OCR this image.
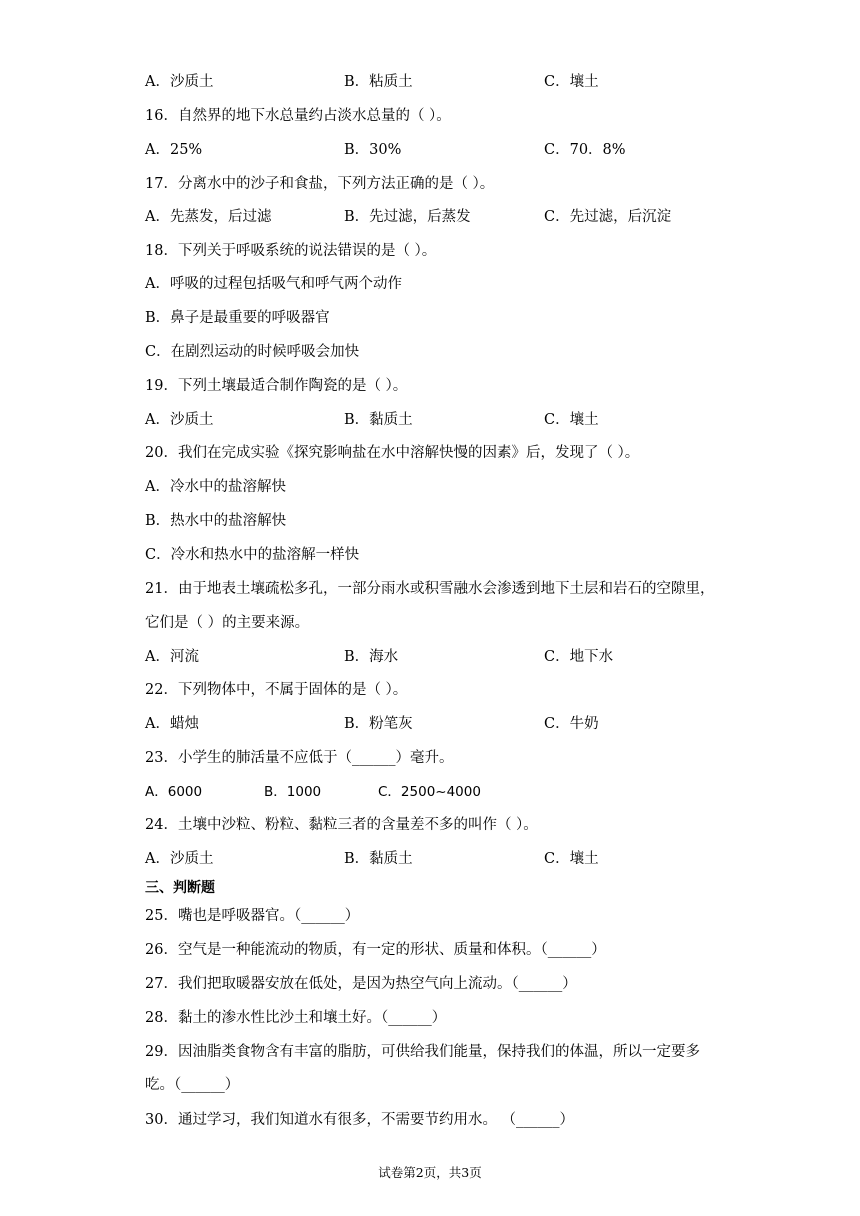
A．沙质土	B．粘质土	C．壤土
16．自然界的地下水总量约占淡水总量的（ ）。
A．25%	B．30%	C．70．8%
17．分离水中的沙子和食盐，下列方法正确的是（ ）。
A．先蒸发，后过滤	B．先过滤，后蒸发	C．先过滤，后沉淀
18．下列关于呼吸系统的说法错误的是（ ）。
A．呼吸的过程包括吸气和呼气两个动作
B．鼻子是最重要的呼吸器官
C．在剧烈运动的时候呼吸会加快
19．下列土壤最适合制作陶瓷的是（ ）。
A．沙质土	B．黏质土	C．壤土
20．我们在完成实验《探究影响盐在水中溶解快慢的因素》后，发现了（ ）。
A．冷水中的盐溶解快
B．热水中的盐溶解快
C．冷水和热水中的盐溶解一样快
21．由于地表土壤疏松多孔，一部分雨水或积雪融水会渗透到地下土层和岩石的空隙里，
它们是（ ）的主要来源。
A．河流	B．海水	C．地下水
22．下列物体中，不属于固体的是（ ）。
A．蜡烛	B．粉笔灰	C．牛奶
23．小学生的肺活量不应低于（______）毫升。
A．6000	B．1000	C．2500~4000
24．土壤中沙粒、粉粒、黏粒三者的含量差不多的叫作（ ）。
A．沙质土	B．黏质土	C．壤土
三、判断题
25．嘴也是呼吸器官。（______）
26．空气是一种能流动的物质，有一定的形状、质量和体积。（______）
27．我们把取暖器安放在低处，是因为热空气向上流动。（______）
28．黏土的渗水性比沙土和壤土好。（______）
29．因油脂类食物含有丰富的脂肪，可供给我们能量，保持我们的体温，所以一定要多
吃。（______）
30．通过学习，我们知道水有很多，不需要节约用水。 （______）
试卷第2页，共3页
